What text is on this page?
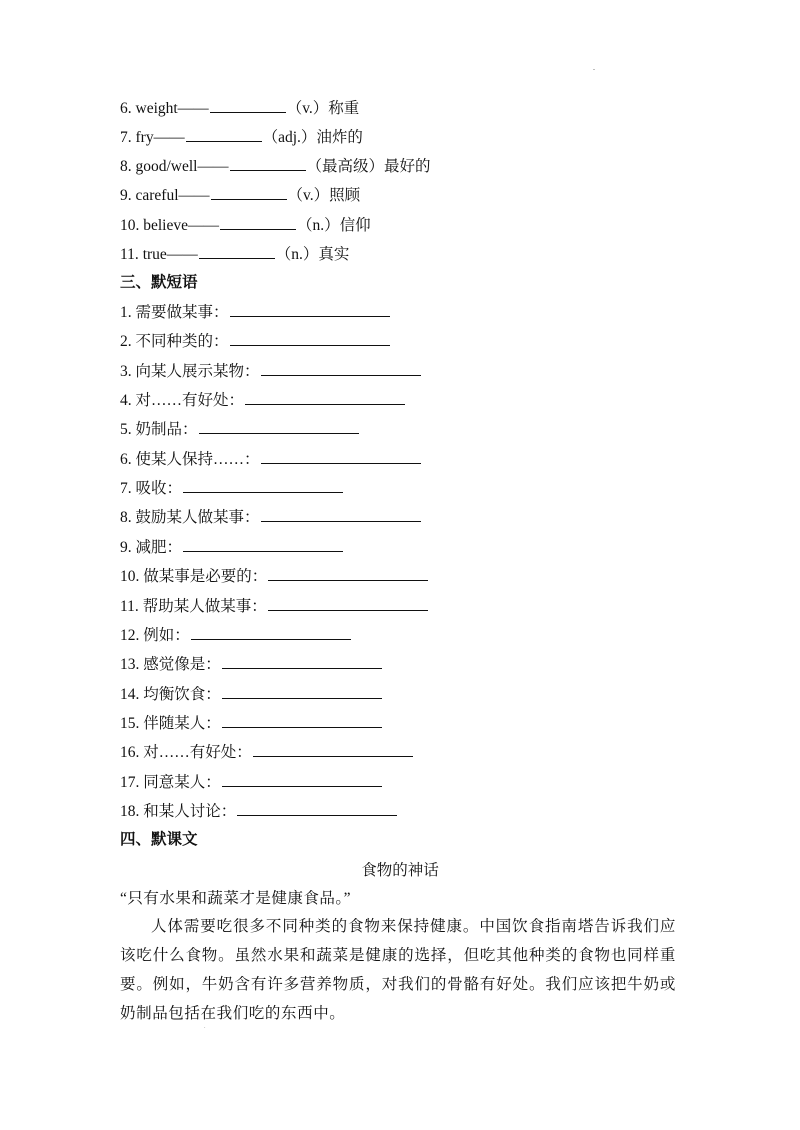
.
6. weight——	（v.）称重
7. fry——	（adj.）油炸的
8. good/well——	（最高级）最好的
9. careful——	（v.）照顾
10. believe——	（n.）信仰
11. true——	（n.）真实
三、默短语
1. 需要做某事：
2. 不同种类的：
3. 向某人展示某物：
4. 对……有好处：
5. 奶制品：
6. 使某人保持……：
7. 吸收：
8. 鼓励某人做某事：
9. 减肥：
10. 做某事是必要的：
11. 帮助某人做某事：
12. 例如：
13. 感觉像是：
14. 均衡饮食：
15. 伴随某人：
16. 对……有好处：
17. 同意某人：
18. 和某人讨论：
四、默课文
食物的神话
“只有水果和蔬菜才是健康食品。”
人体需要吃很多不同种类的食物来保持健康。中国饮食指南塔告诉我们应该吃什么食物。虽然水果和蔬菜是健康的选择，但吃其他种类的食物也同样重要。例如，牛奶含有许多营养物质，对我们的骨骼有好处。我们应该把牛奶或奶制品包括在我们吃的东西中。
.
